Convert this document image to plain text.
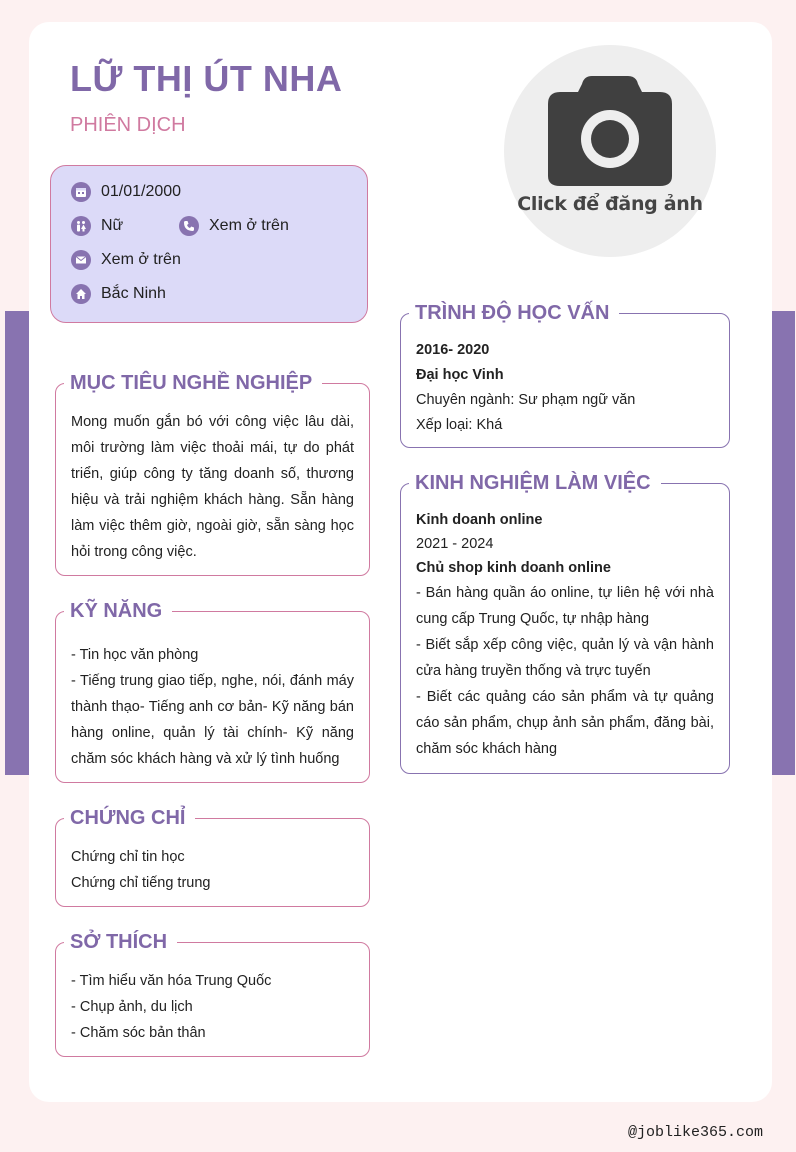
LỮ THỊ ÚT NHA
PHIÊN DỊCH
Click để đăng ảnh
01/01/2000
Nữ	Xem ở trên
Xem ở trên
Bắc Ninh
MỤC TIÊU NGHỀ NGHIỆP
Mong muốn gắn bó với công việc lâu dài, môi trường làm việc thoải mái, tự do phát triển, giúp công ty tăng doanh số, thương hiệu và trải nghiệm khách hàng. Sẵn hàng làm việc thêm giờ, ngoài giờ, sẵn sàng học hỏi trong công việc.
KỸ NĂNG
- Tin học văn phòng
- Tiếng trung giao tiếp, nghe, nói, đánh máy thành thạo- Tiếng anh cơ bản- Kỹ năng bán hàng online, quản lý tài chính- Kỹ năng chăm sóc khách hàng và xử lý tình huống
CHỨNG CHỈ
Chứng chỉ tin học
Chứng chỉ tiếng trung
SỞ THÍCH
- Tìm hiểu văn hóa Trung Quốc
- Chụp ảnh, du lịch
- Chăm sóc bản thân
TRÌNH ĐỘ HỌC VẤN
2016- 2020
Đại học Vinh
Chuyên ngành: Sư phạm ngữ văn
Xếp loại: Khá
KINH NGHIỆM LÀM VIỆC
Kinh doanh online
2021 - 2024
Chủ shop kinh doanh online
- Bán hàng quần áo online, tự liên hệ với nhà cung cấp Trung Quốc, tự nhập hàng
- Biết sắp xếp công việc, quản lý và vận hành cửa hàng truyền thống và trực tuyến
- Biết các quảng cáo sản phẩm và tự quảng cáo sản phẩm, chụp ảnh sản phẩm, đăng bài, chăm sóc khách hàng
@joblike365.com
